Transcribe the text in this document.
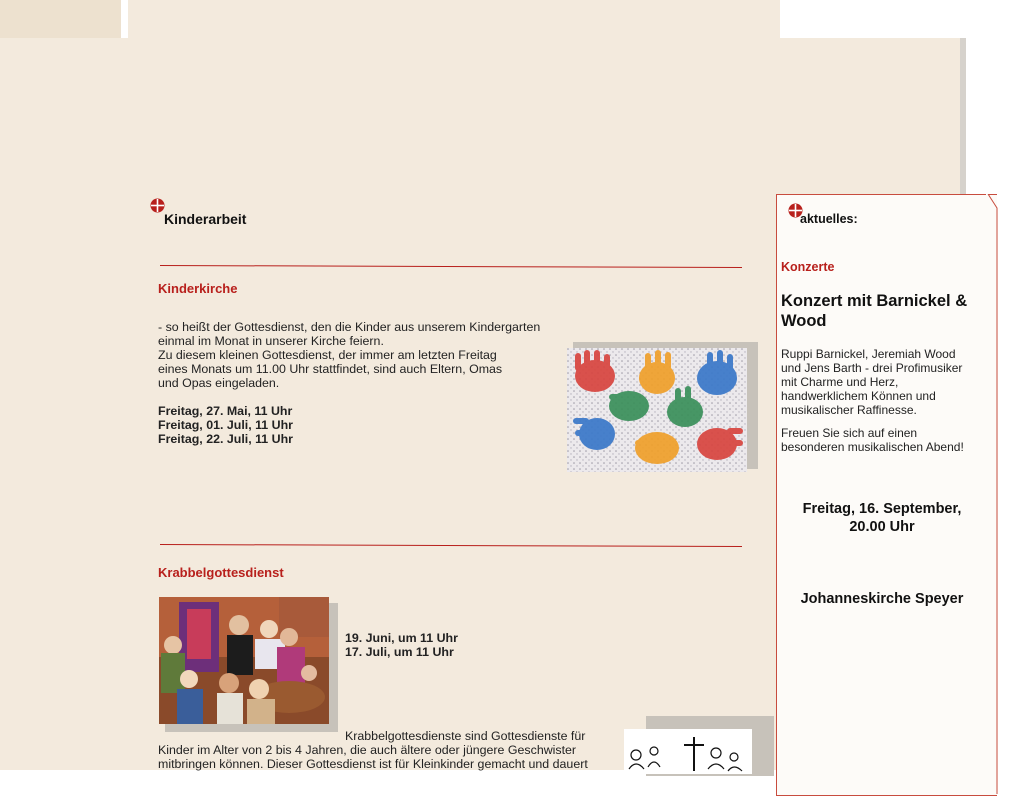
Kinderarbeit
Kinderkirche
- so heißt der Gottesdienst, den die Kinder aus unserem Kindergarten
einmal im Monat in unserer Kirche feiern.
Zu diesem kleinen Gottesdienst, der immer am letzten Freitag
eines Monats um 11.00 Uhr stattfindet, sind auch Eltern, Omas
und Opas eingeladen.
Freitag, 27. Mai, 11 Uhr
Freitag, 01. Juli, 11 Uhr
Freitag, 22. Juli, 11 Uhr
Krabbelgottesdienst
19. Juni, um 11 Uhr
17. Juli, um 11 Uhr
Krabbelgottesdienste sind Gottesdienste für
Kinder im Alter von 2 bis 4 Jahren, die auch ältere oder jüngere Geschwister
mitbringen können. Dieser Gottesdienst ist für Kleinkinder gemacht und dauert
aktuelles:
Konzerte
Konzert mit Barnickel & Wood
Ruppi Barnickel, Jeremiah Wood
und Jens Barth - drei Profimusiker
mit Charme und Herz,
handwerklichem Können und
musikalischer Raffinesse.
Freuen Sie sich auf einen
besonderen musikalischen Abend!
Freitag, 16. September,
20.00 Uhr
Johanneskirche Speyer
